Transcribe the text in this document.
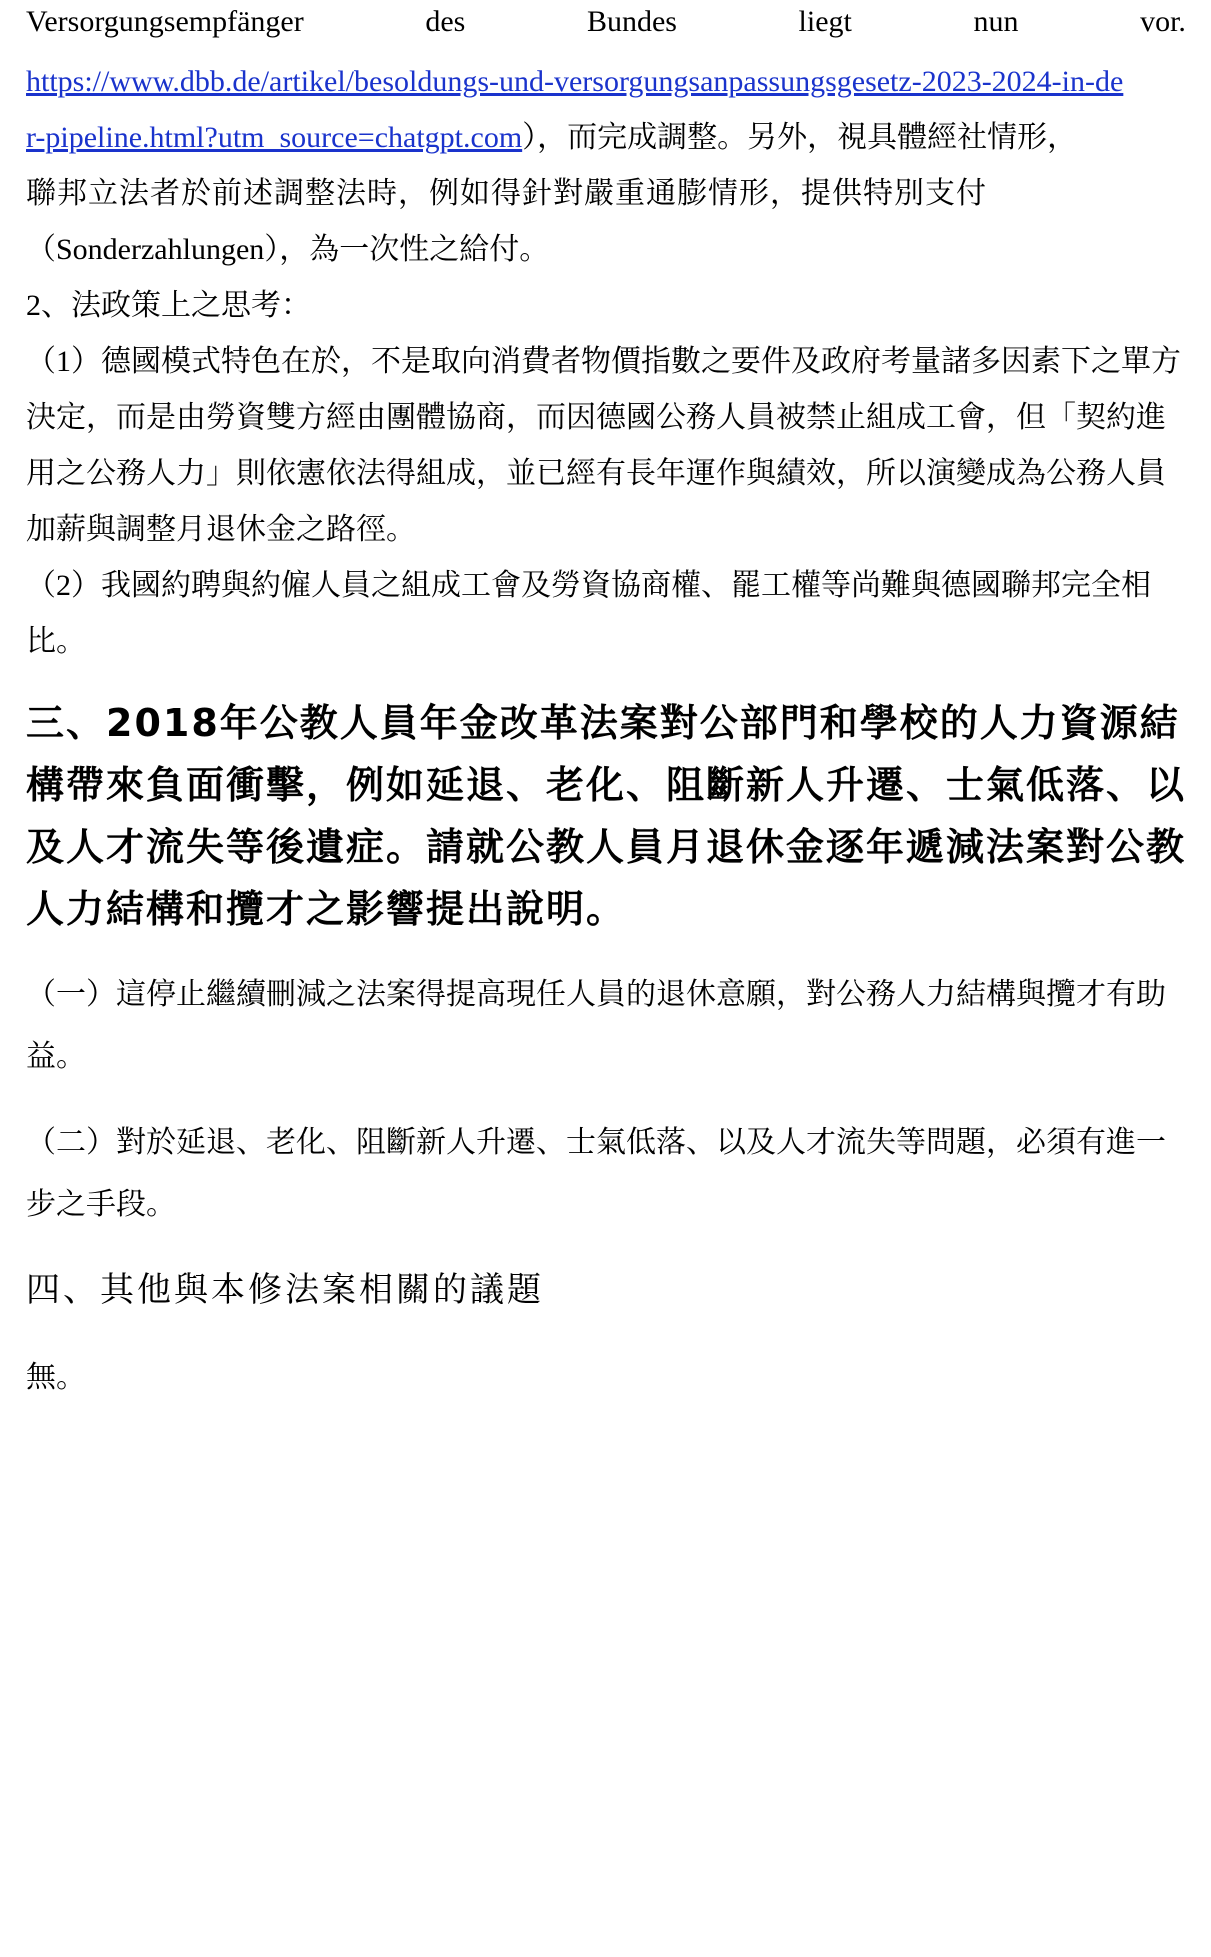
Versorgungsempfänger	des	Bundes	liegt	nun	vor.
https://www.dbb.de/artikel/besoldungs-und-versorgungsanpassungsgesetz-2023-2024-in-de
r-pipeline.html?utm_source=chatgpt.com），而完成調整。另外，視具體經社情形，
聯邦立法者於前述調整法時，例如得針對嚴重通膨情形，提供特別支付
（Sonderzahlungen），為一次性之給付。
2、法政策上之思考：
（1）德國模式特色在於，不是取向消費者物價指數之要件及政府考量諸多因素下之單方決定，而是由勞資雙方經由團體協商，而因德國公務人員被禁止組成工會，但「契約進用之公務人力」則依憲依法得組成，並已經有長年運作與績效，所以演變成為公務人員加薪與調整月退休金之路徑。
（2）我國約聘與約僱人員之組成工會及勞資協商權、罷工權等尚難與德國聯邦完全相比。
三、2018年公教人員年金改革法案對公部門和學校的人力資源結構帶來負面衝擊，例如延退、老化、阻斷新人升遷、士氣低落、以及人才流失等後遺症。請就公教人員月退休金逐年遞減法案對公教人力結構和攬才之影響提出說明。
（一）這停止繼續刪減之法案得提高現任人員的退休意願，對公務人力結構與攬才有助益。
（二）對於延退、老化、阻斷新人升遷、士氣低落、以及人才流失等問題，必須有進一步之手段。
四、其他與本修法案相關的議題
無。
